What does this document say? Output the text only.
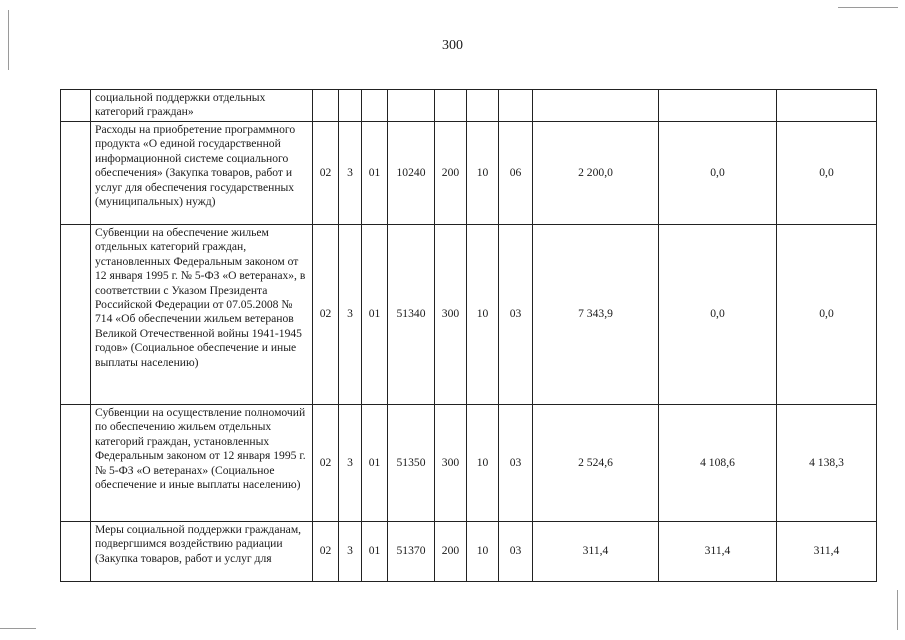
300
	социальной поддержки отдельных категорий граждан»										
	Расходы на приобретение программного продукта «О единой государственной информационной системе социального обеспечения» (Закупка товаров, работ и услуг для обеспечения государственных (муниципальных) нужд)	02	3	01	10240	200	10	06	2 200,0	0,0	0,0
	Субвенции на обеспечение жильем отдельных категорий граждан, установленных Федеральным законом от 12 января 1995 г. № 5-ФЗ «О ветеранах», в соответствии с Указом Президента Российской Федерации от 07.05.2008 № 714 «Об обеспечении жильем ветеранов Великой Отечественной войны 1941-1945 годов» (Социальное обеспечение и иные выплаты населению)	02	3	01	51340	300	10	03	7 343,9	0,0	0,0
	Субвенции на осуществление полномочий по обеспечению жильем отдельных категорий граждан, установленных Федеральным законом от 12 января 1995 г. № 5-ФЗ «О ветеранах» (Социальное обеспечение и иные выплаты населению)	02	3	01	51350	300	10	03	2 524,6	4 108,6	4 138,3
	Меры социальной поддержки гражданам, подвергшимся воздействию радиации (Закупка товаров, работ и услуг для	02	3	01	51370	200	10	03	311,4	311,4	311,4
